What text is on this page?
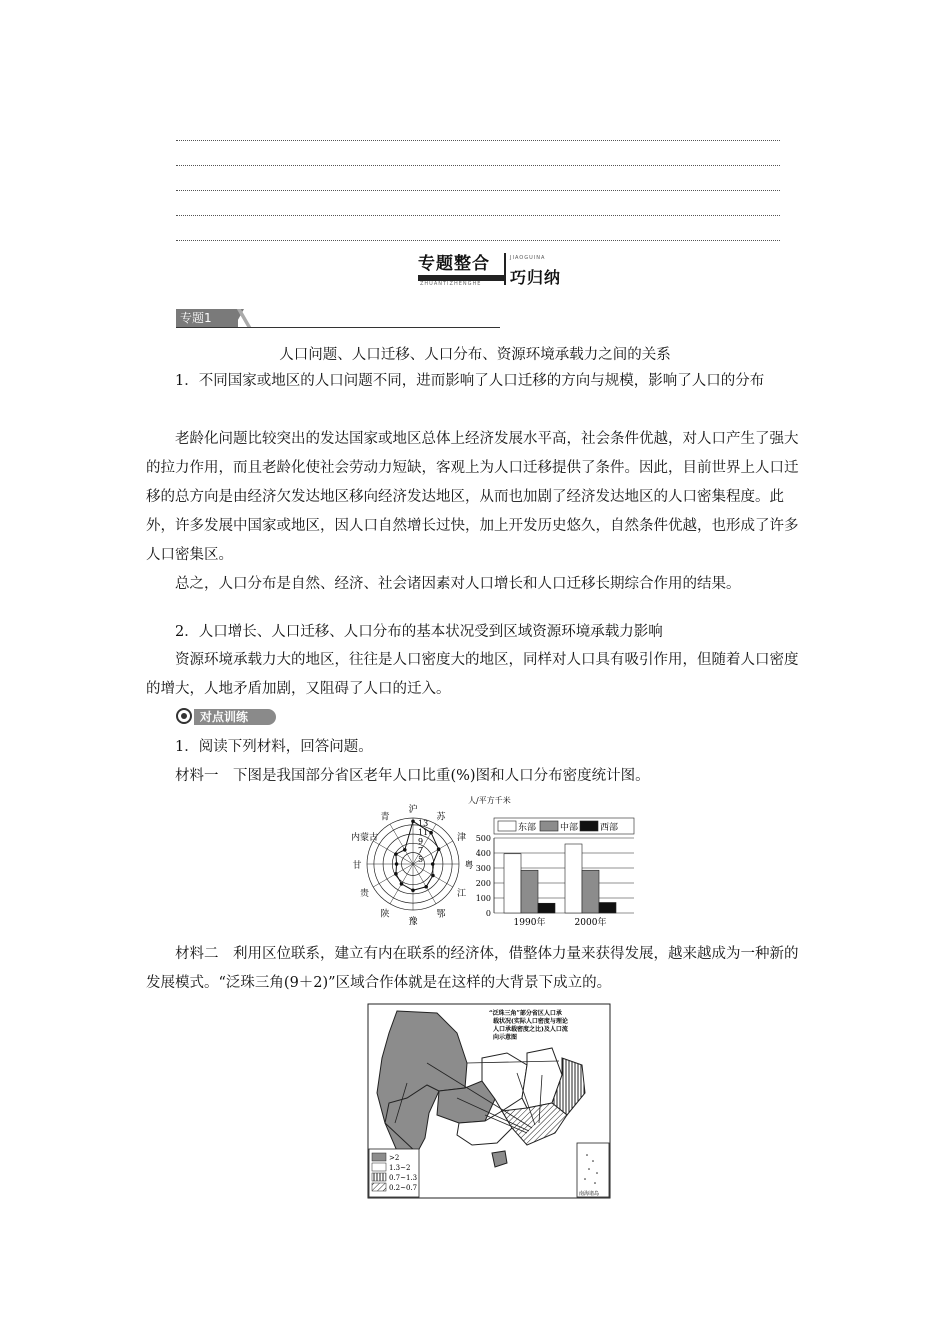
专题整合
ZHUANTIZHENGHE
JIAOGUINA
巧归纳
专题1
人口问题、人口迁移、人口分布、资源环境承载力之间的关系

1．不同国家或地区的人口问题不同，进而影响了人口迁移的方向与规模，影响了人口的分布

老龄化问题比较突出的发达国家或地区总体上经济发展水平高，社会条件优越，对人口产生了强大的拉力作用，而且老龄化使社会劳动力短缺，客观上为人口迁移提供了条件。因此，目前世界上人口迁移的总方向是由经济欠发达地区移向经济发达地区，从而也加剧了经济发达地区的人口密集程度。此外，许多发展中国家或地区，因人口自然增长过快，加上开发历史悠久，自然条件优越，也形成了许多人口密集区。

总之，人口分布是自然、经济、社会诸因素对人口增长和人口迁移长期综合作用的结果。

2．人口增长、人口迁移、人口分布的基本状况受到区域资源环境承载力影响

资源环境承载力大的地区，往往是人口密度大的地区，同样对人口具有吸引作用，但随着人口密度的增大，人地矛盾加剧，又阻碍了人口的迁入。

对点训练

1．阅读下列材料，回答问题。

材料一　下图是我国部分省区老年人口比重(%)图和人口分布密度统计图。

沪
苏
津
粤
江
鄂
豫
陕
贵
甘
内蒙古
青
13
11
9
7
5
人/平方千米
东部	中部 西部
0
100
200
300
400
500
1990年	2000年

材料二　利用区位联系，建立有内在联系的经济体，借整体力量来获得发展，越来越成为一种新的发展模式。“泛珠三角(9＋2)”区域合作体就是在这样的大背景下成立的。

“泛珠三角”部分省区人口承
载状况(实际人口密度与理论
人口承载密度之比)及人口流
向示意图
>2
1.3~2
0.7~1.3
0.2~0.7
南海诸岛
